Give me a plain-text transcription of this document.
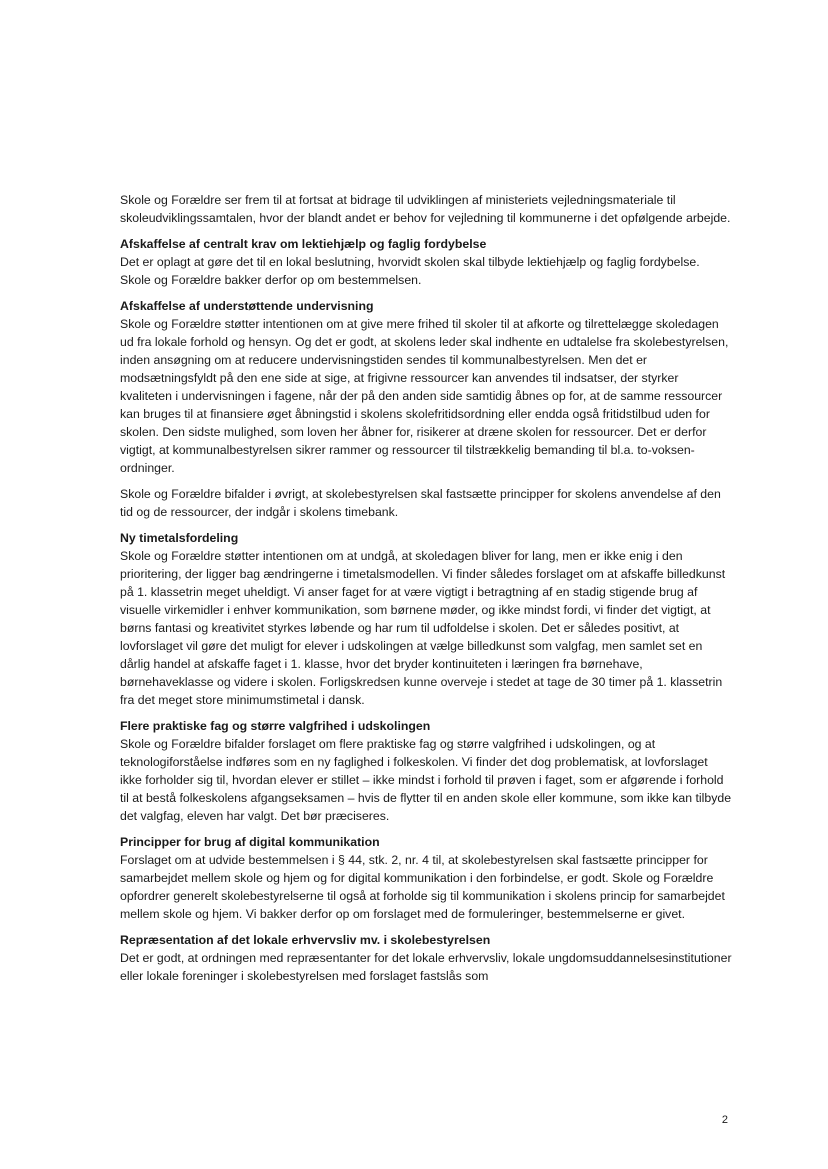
Skole og Forældre ser frem til at fortsat at bidrage til udviklingen af ministeriets vejledningsmateriale til skoleudviklingssamtalen, hvor der blandt andet er behov for vejledning til kommunerne i det opfølgende arbejde.

Afskaffelse af centralt krav om lektiehjælp og faglig fordybelse

Det er oplagt at gøre det til en lokal beslutning, hvorvidt skolen skal tilbyde lektiehjælp og faglig fordybelse. Skole og Forældre bakker derfor op om bestemmelsen.

Afskaffelse af understøttende undervisning

Skole og Forældre støtter intentionen om at give mere frihed til skoler til at afkorte og tilrettelægge skoledagen ud fra lokale forhold og hensyn. Og det er godt, at skolens leder skal indhente en udtalelse fra skolebestyrelsen, inden ansøgning om at reducere undervisningstiden sendes til kommunalbestyrelsen. Men det er modsætningsfyldt på den ene side at sige, at frigivne ressourcer kan anvendes til indsatser, der styrker kvaliteten i undervisningen i fagene, når der på den anden side samtidig åbnes op for, at de samme ressourcer kan bruges til at finansiere øget åbningstid i skolens skolefritidsordning eller endda også fritidstilbud uden for skolen. Den sidste mulighed, som loven her åbner for, risikerer at dræne skolen for ressourcer. Det er derfor vigtigt, at kommunalbestyrelsen sikrer rammer og ressourcer til tilstrækkelig bemanding til bl.a. to-voksen-ordninger.

Skole og Forældre bifalder i øvrigt, at skolebestyrelsen skal fastsætte principper for skolens anvendelse af den tid og de ressourcer, der indgår i skolens timebank.

Ny timetalsfordeling

Skole og Forældre støtter intentionen om at undgå, at skoledagen bliver for lang, men er ikke enig i den prioritering, der ligger bag ændringerne i timetalsmodellen. Vi finder således forslaget om at afskaffe billedkunst på 1. klassetrin meget uheldigt. Vi anser faget for at være vigtigt i betragtning af en stadig stigende brug af visuelle virkemidler i enhver kommunikation, som børnene møder, og ikke mindst fordi, vi finder det vigtigt, at børns fantasi og kreativitet styrkes løbende og har rum til udfoldelse i skolen. Det er således positivt, at lovforslaget vil gøre det muligt for elever i udskolingen at vælge billedkunst som valgfag, men samlet set en dårlig handel at afskaffe faget i 1. klasse, hvor det bryder kontinuiteten i læringen fra børnehave, børnehaveklasse og videre i skolen. Forligskredsen kunne overveje i stedet at tage de 30 timer på 1. klassetrin fra det meget store minimumstimetal i dansk.

Flere praktiske fag og større valgfrihed i udskolingen

Skole og Forældre bifalder forslaget om flere praktiske fag og større valgfrihed i udskolingen, og at teknologiforståelse indføres som en ny faglighed i folkeskolen. Vi finder det dog problematisk, at lovforslaget ikke forholder sig til, hvordan elever er stillet – ikke mindst i forhold til prøven i faget, som er afgørende i forhold til at bestå folkeskolens afgangseksamen – hvis de flytter til en anden skole eller kommune, som ikke kan tilbyde det valgfag, eleven har valgt. Det bør præciseres.

Principper for brug af digital kommunikation

Forslaget om at udvide bestemmelsen i § 44, stk. 2, nr. 4 til, at skolebestyrelsen skal fastsætte principper for samarbejdet mellem skole og hjem og for digital kommunikation i den forbindelse, er godt. Skole og Forældre opfordrer generelt skolebestyrelserne til også at forholde sig til kommunikation i skolens princip for samarbejdet mellem skole og hjem. Vi bakker derfor op om forslaget med de formuleringer, bestemmelserne er givet.

Repræsentation af det lokale erhvervsliv mv. i skolebestyrelsen

Det er godt, at ordningen med repræsentanter for det lokale erhvervsliv, lokale ungdomsuddannelsesinstitutioner eller lokale foreninger i skolebestyrelsen med forslaget fastslås som

2
